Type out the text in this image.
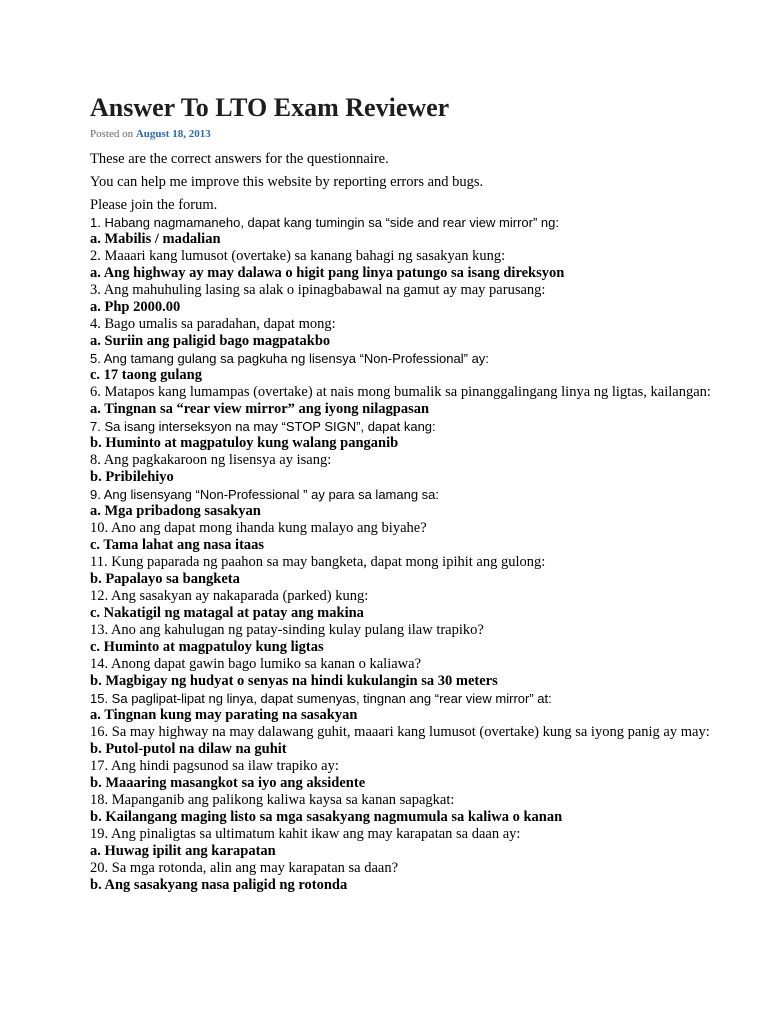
Answer To LTO Exam Reviewer
Posted on August 18, 2013

These are the correct answers for the questionnaire.

You can help me improve this website by reporting errors and bugs.

Please join the forum.

1. Habang nagmamaneho, dapat kang tumingin sa “side and rear view mirror” ng:
a. Mabilis / madalian
2. Maaari kang lumusot (overtake) sa kanang bahagi ng sasakyan kung:
a. Ang highway ay may dalawa o higit pang linya patungo sa isang direksyon
3. Ang mahuhuling lasing sa alak o ipinagbabawal na gamut ay may parusang:
a. Php 2000.00
4. Bago umalis sa paradahan, dapat mong:
a. Suriin ang paligid bago magpatakbo
5. Ang tamang gulang sa pagkuha ng lisensya “Non-Professional” ay:
c. 17 taong gulang
6. Matapos kang lumampas (overtake) at nais mong bumalik sa pinanggalingang linya ng ligtas, kailangan:
a. Tingnan sa “rear view mirror” ang iyong nilagpasan
7. Sa isang interseksyon na may “STOP SIGN”, dapat kang:
b. Huminto at magpatuloy kung walang panganib
8. Ang pagkakaroon ng lisensya ay isang:
b. Pribilehiyo
9. Ang lisensyang “Non-Professional ” ay para sa lamang sa:
a. Mga pribadong sasakyan
10. Ano ang dapat mong ihanda kung malayo ang biyahe?
c. Tama lahat ang nasa itaas
11. Kung paparada ng paahon sa may bangketa, dapat mong ipihit ang gulong:
b. Papalayo sa bangketa
12. Ang sasakyan ay nakaparada (parked) kung:
c. Nakatigil ng matagal at patay ang makina
13. Ano ang kahulugan ng patay-sinding kulay pulang ilaw trapiko?
c. Huminto at magpatuloy kung ligtas
14. Anong dapat gawin bago lumiko sa kanan o kaliawa?
b. Magbigay ng hudyat o senyas na hindi kukulangin sa 30 meters
15. Sa paglipat-lipat ng linya, dapat sumenyas, tingnan ang “rear view mirror” at:
a. Tingnan kung may parating na sasakyan
16. Sa may highway na may dalawang guhit, maaari kang lumusot (overtake) kung sa iyong panig ay may:
b. Putol-putol na dilaw na guhit
17. Ang hindi pagsunod sa ilaw trapiko ay:
b. Maaaring masangkot sa iyo ang aksidente
18. Mapanganib ang palikong kaliwa kaysa sa kanan sapagkat:
b. Kailangang maging listo sa mga sasakyang nagmumula sa kaliwa o kanan
19. Ang pinaligtas sa ultimatum kahit ikaw ang may karapatan sa daan ay:
a. Huwag ipilit ang karapatan
20. Sa mga rotonda, alin ang may karapatan sa daan?
b. Ang sasakyang nasa paligid ng rotonda
